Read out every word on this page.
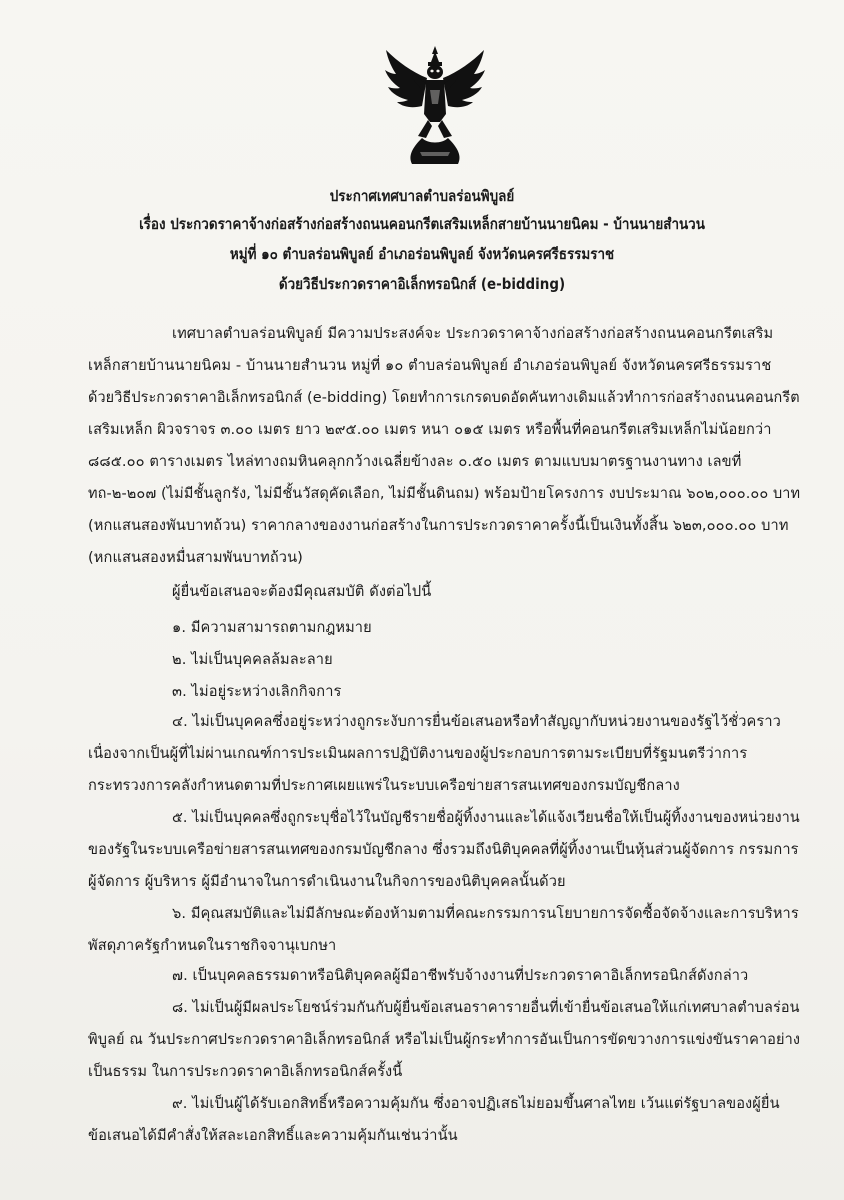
ประกาศเทศบาลตำบลร่อนพิบูลย์
เรื่อง ประกวดราคาจ้างก่อสร้างก่อสร้างถนนคอนกรีตเสริมเหล็กสายบ้านนายนิคม - บ้านนายสำนวน
หมู่ที่ ๑๐ ตำบลร่อนพิบูลย์ อำเภอร่อนพิบูลย์ จังหวัดนครศรีธรรมราช
ด้วยวิธีประกวดราคาอิเล็กทรอนิกส์ (e-bidding)
เทศบาลตำบลร่อนพิบูลย์ มีความประสงค์จะ ประกวดราคาจ้างก่อสร้างก่อสร้างถนนคอนกรีตเสริม
เหล็กสายบ้านนายนิคม - บ้านนายสำนวน หมู่ที่ ๑๐ ตำบลร่อนพิบูลย์ อำเภอร่อนพิบูลย์ จังหวัดนครศรีธรรมราช
ด้วยวิธีประกวดราคาอิเล็กทรอนิกส์ (e-bidding) โดยทำการเกรดบดอัดคันทางเดิมแล้วทำการก่อสร้างถนนคอนกรีต
เสริมเหล็ก ผิวจราจร ๓.๐๐ เมตร ยาว ๒๙๕.๐๐ เมตร หนา ๐๑๕ เมตร หรือพื้นที่คอนกรีตเสริมเหล็กไม่น้อยกว่า
๘๘๕.๐๐ ตารางเมตร ไหล่ทางถมหินคลุกกว้างเฉลี่ยข้างละ ๐.๕๐ เมตร ตามแบบมาตรฐานงานทาง เลขที่
ทถ-๒-๒๐๗ (ไม่มีชั้นลูกรัง, ไม่มีชั้นวัสดุคัดเลือก, ไม่มีชั้นดินถม) พร้อมป้ายโครงการ งบประมาณ ๖๐๒,๐๐๐.๐๐ บาท
(หกแสนสองพันบาทถ้วน) ราคากลางของงานก่อสร้างในการประกวดราคาครั้งนี้เป็นเงินทั้งสิ้น ๖๒๓,๐๐๐.๐๐ บาท
(หกแสนสองหมื่นสามพันบาทถ้วน)
ผู้ยื่นข้อเสนอจะต้องมีคุณสมบัติ ดังต่อไปนี้
๑. มีความสามารถตามกฎหมาย
๒. ไม่เป็นบุคคลล้มละลาย
๓. ไม่อยู่ระหว่างเลิกกิจการ
๔. ไม่เป็นบุคคลซึ่งอยู่ระหว่างถูกระงับการยื่นข้อเสนอหรือทำสัญญากับหน่วยงานของรัฐไว้ชั่วคราว
เนื่องจากเป็นผู้ที่ไม่ผ่านเกณฑ์การประเมินผลการปฏิบัติงานของผู้ประกอบการตามระเบียบที่รัฐมนตรีว่าการ
กระทรวงการคลังกำหนดตามที่ประกาศเผยแพร่ในระบบเครือข่ายสารสนเทศของกรมบัญชีกลาง
๕. ไม่เป็นบุคคลซึ่งถูกระบุชื่อไว้ในบัญชีรายชื่อผู้ทิ้งงานและได้แจ้งเวียนชื่อให้เป็นผู้ทิ้งงานของหน่วยงาน
ของรัฐในระบบเครือข่ายสารสนเทศของกรมบัญชีกลาง ซึ่งรวมถึงนิติบุคคลที่ผู้ทิ้งงานเป็นหุ้นส่วนผู้จัดการ กรรมการ
ผู้จัดการ ผู้บริหาร ผู้มีอำนาจในการดำเนินงานในกิจการของนิติบุคคลนั้นด้วย
๖. มีคุณสมบัติและไม่มีลักษณะต้องห้ามตามที่คณะกรรมการนโยบายการจัดซื้อจัดจ้างและการบริหาร
พัสดุภาครัฐกำหนดในราชกิจจานุเบกษา
๗. เป็นบุคคลธรรมดาหรือนิติบุคคลผู้มีอาชีพรับจ้างงานที่ประกวดราคาอิเล็กทรอนิกส์ดังกล่าว
๘. ไม่เป็นผู้มีผลประโยชน์ร่วมกันกับผู้ยื่นข้อเสนอราคารายอื่นที่เข้ายื่นข้อเสนอให้แก่เทศบาลตำบลร่อน
พิบูลย์ ณ วันประกาศประกวดราคาอิเล็กทรอนิกส์ หรือไม่เป็นผู้กระทำการอันเป็นการขัดขวางการแข่งขันราคาอย่าง
เป็นธรรม ในการประกวดราคาอิเล็กทรอนิกส์ครั้งนี้
๙. ไม่เป็นผู้ได้รับเอกสิทธิ์หรือความคุ้มกัน ซึ่งอาจปฏิเสธไม่ยอมขึ้นศาลไทย เว้นแต่รัฐบาลของผู้ยื่น
ข้อเสนอได้มีคำสั่งให้สละเอกสิทธิ์และความคุ้มกันเช่นว่านั้น
